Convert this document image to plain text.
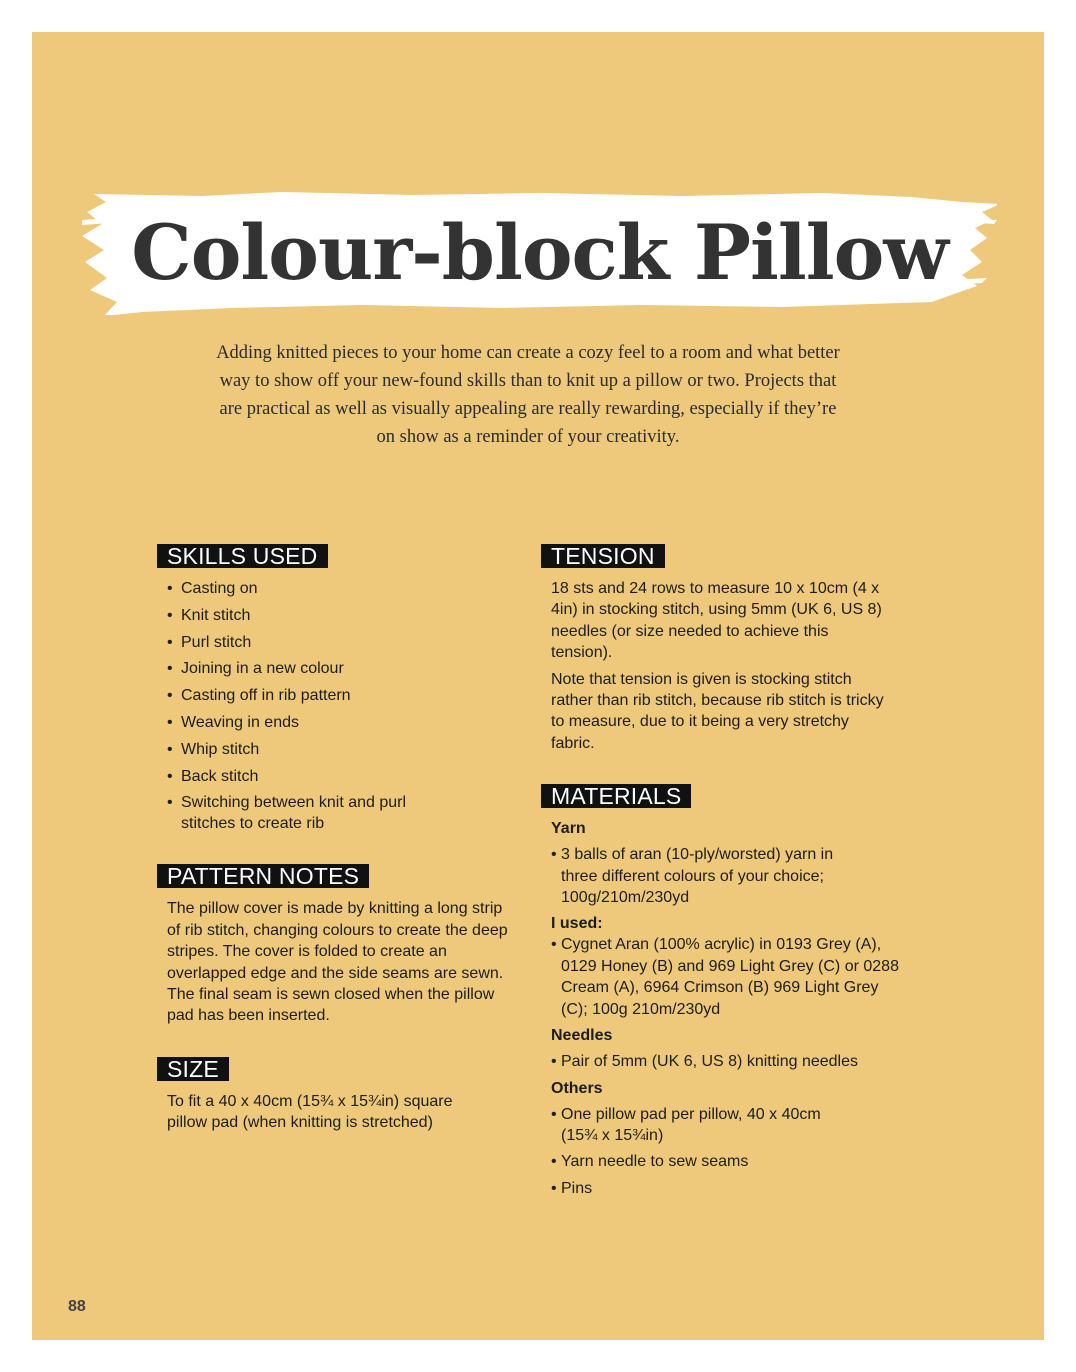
Colour-block Pillow

Adding knitted pieces to your home can create a cozy feel to a room and what better way to show off your new-found skills than to knit up a pillow or two. Projects that are practical as well as visually appealing are really rewarding, especially if they’re on show as a reminder of your creativity.

SKILLS USED
• Casting on
• Knit stitch
• Purl stitch
• Joining in a new colour
• Casting off in rib pattern
• Weaving in ends
• Whip stitch
• Back stitch
• Switching between knit and purl stitches to create rib
PATTERN NOTES

The pillow cover is made by knitting a long strip of rib stitch, changing colours to create the deep stripes. The cover is folded to create an overlapped edge and the side seams are sewn. The final seam is sewn closed when the pillow pad has been inserted.

SIZE

To fit a 40 x 40cm (15¾ x 15¾in) square pillow pad (when knitting is stretched)

TENSION

18 sts and 24 rows to measure 10 x 10cm (4 x 4in) in stocking stitch, using 5mm (UK 6, US 8) needles (or size needed to achieve this tension).

Note that tension is given is stocking stitch rather than rib stitch, because rib stitch is tricky to measure, due to it being a very stretchy fabric.

MATERIALS
Yarn
• 3 balls of aran (10-ply/worsted) yarn in three different colours of your choice; 100g/210m/230yd
I used:
• Cygnet Aran (100% acrylic) in 0193 Grey (A), 0129 Honey (B) and 969 Light Grey (C) or 0288 Cream (A), 6964 Crimson (B) 969 Light Grey (C); 100g 210m/230yd
Needles
• Pair of 5mm (UK 6, US 8) knitting needles
Others
• One pillow pad per pillow, 40 x 40cm (15¾ x 15¾in)
• Yarn needle to sew seams
• Pins
88
